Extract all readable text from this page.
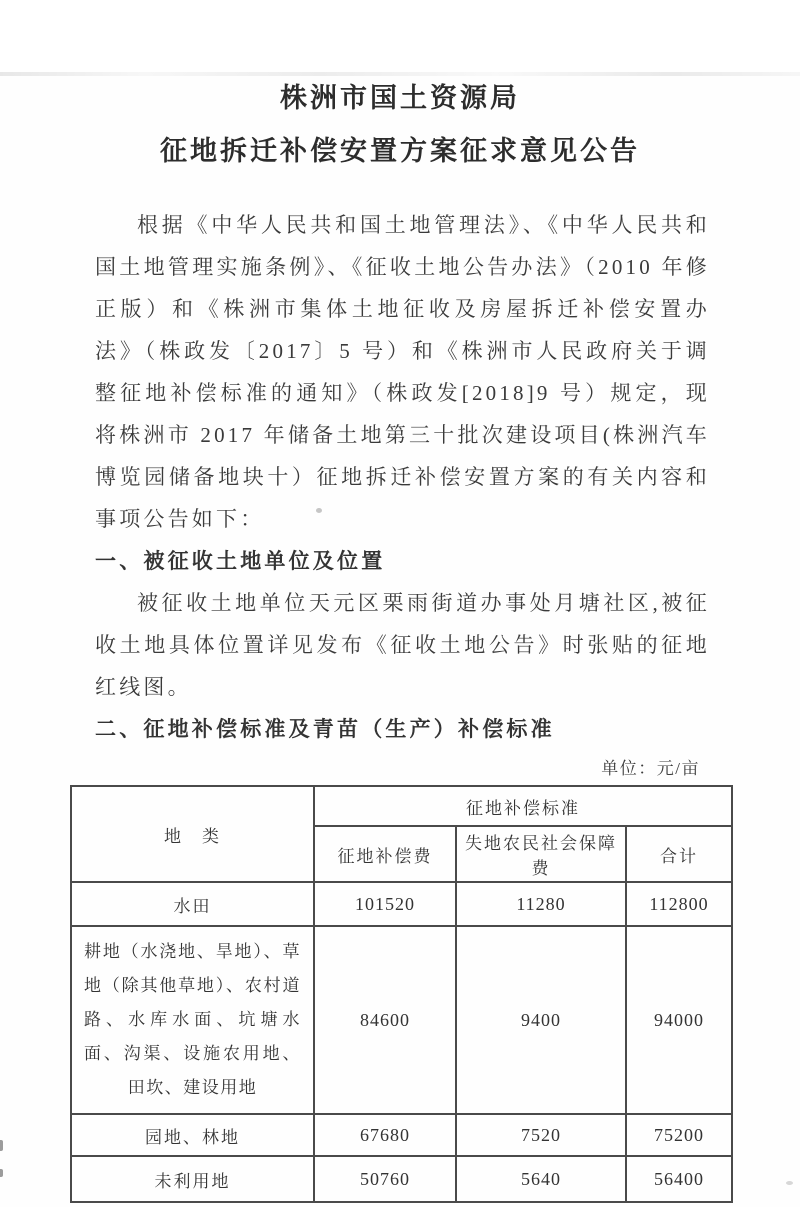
株洲市国土资源局
征地拆迁补偿安置方案征求意见公告

根据《中华人民共和国土地管理法》、《中华人民共和国土地管理实施条例》、《征收土地公告办法》（2010 年修正版）和《株洲市集体土地征收及房屋拆迁补偿安置办法》（株政发〔2017〕5 号）和《株洲市人民政府关于调整征地补偿标准的通知》（株政发[2018]9 号）规定，现将株洲市 2017 年储备土地第三十批次建设项目(株洲汽车博览园储备地块十）征地拆迁补偿安置方案的有关内容和事项公告如下：

一、被征收土地单位及位置

被征收土地单位天元区栗雨街道办事处月塘社区,被征收土地具体位置详见发布《征收土地公告》时张贴的征地红线图。

二、征地补偿标准及青苗（生产）补偿标准

单位：元/亩
地　类	征地补偿标准		
	征地补偿费	失地农民社会保障费	合计
水田	101520	11280	112800
耕地（水浇地、旱地）、草地（除其他草地）、农村道路、水库水面、坑塘水面、沟渠、设施农用地、田坎、建设用地	84600	9400	94000
园地、林地	67680	7520	75200
未利用地	50760	5640	56400
